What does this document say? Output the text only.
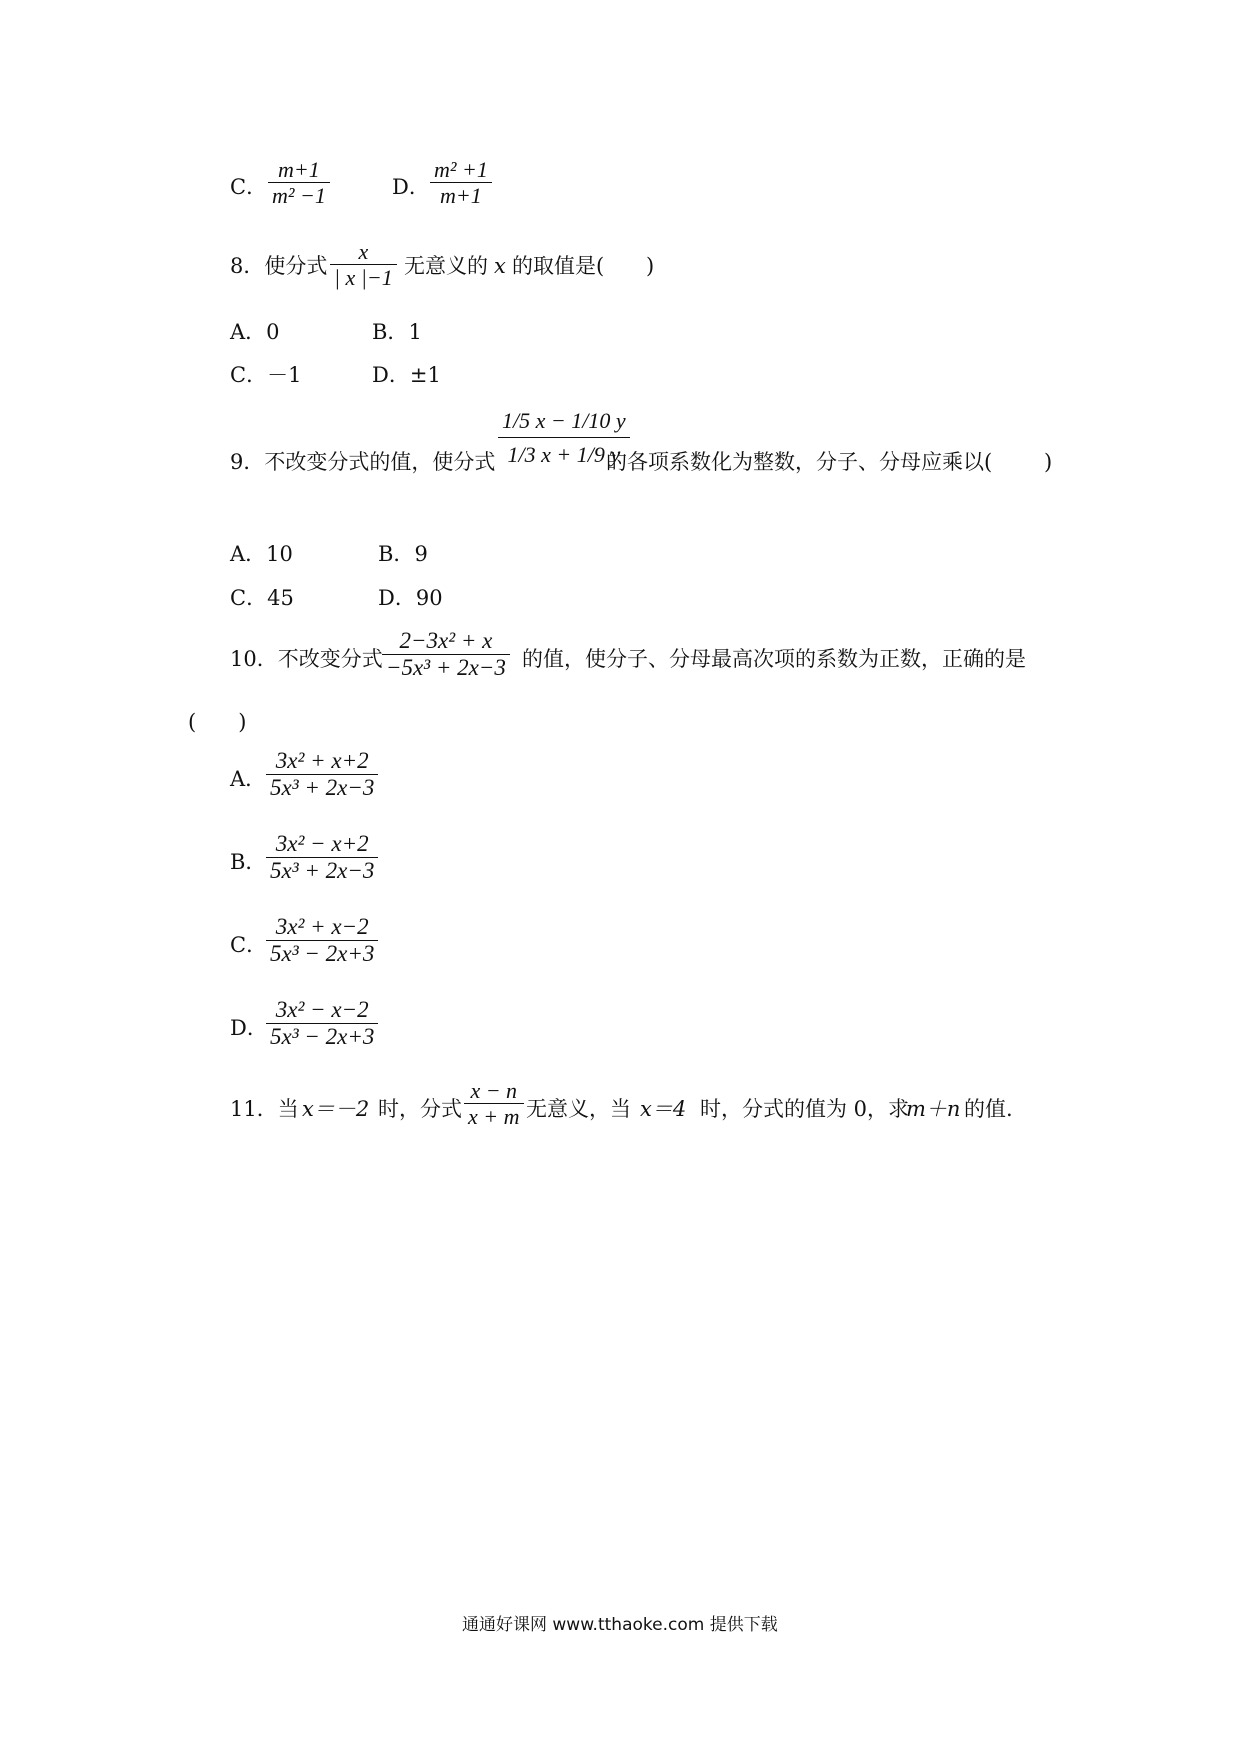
C．
m+1
m² −1	D．
m² +1
m+1
8．使分式
x
| x |−1 无意义的 x 的取值是( )
A．0	B．1
C．－1	D．±1
9．不改变分式的值，使分式
1/5 x − 1/10 y
1/3 x + 1/9 y
的各项系数化为整数，分子、分母应乘以( )
A．10	B．9
C．45	D．90
10．不改变分式
2−3x² + x
−5x³ + 2x−3 的值，使分子、分母最高次项的系数为正数，正确的是
(　　)
A．
3x² + x+2
5x³ + 2x−3
B．
3x² − x+2
5x³ + 2x−3
C．
3x² + x−2
5x³ − 2x+3
D．
3x² − x−2
5x³ − 2x+3
11．当 x＝－2 时，分式
x − n
x + m 无意义，当 x＝4 时，分式的值为 0，求
m＋n 的值.
通通好课网 www.tthaoke.com 提供下载
